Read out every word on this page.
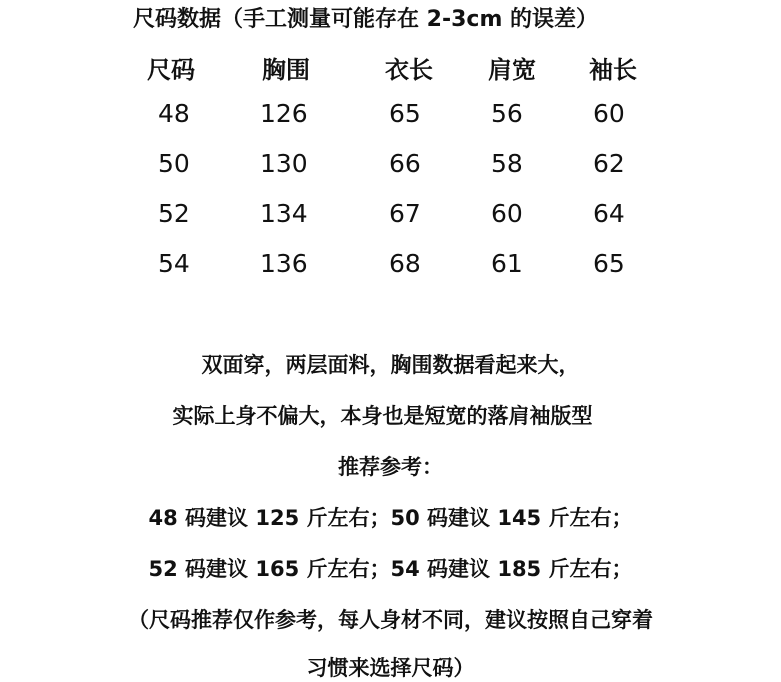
尺码数据（手工测量可能存在 2-3cm 的误差）
尺码	胸围	衣长 肩宽 袖长
48	126	65	56	60
50	130	66	58	62
52	134	67	60	64
54	136	68	61	65
双面穿，两层面料，胸围数据看起来大，
实际上身不偏大，本身也是短宽的落肩袖版型
推荐参考：
48 码建议 125 斤左右；50 码建议 145 斤左右；
52 码建议 165 斤左右；54 码建议 185 斤左右；
（尺码推荐仅作参考，每人身材不同，建议按照自己穿着
习惯来选择尺码）
